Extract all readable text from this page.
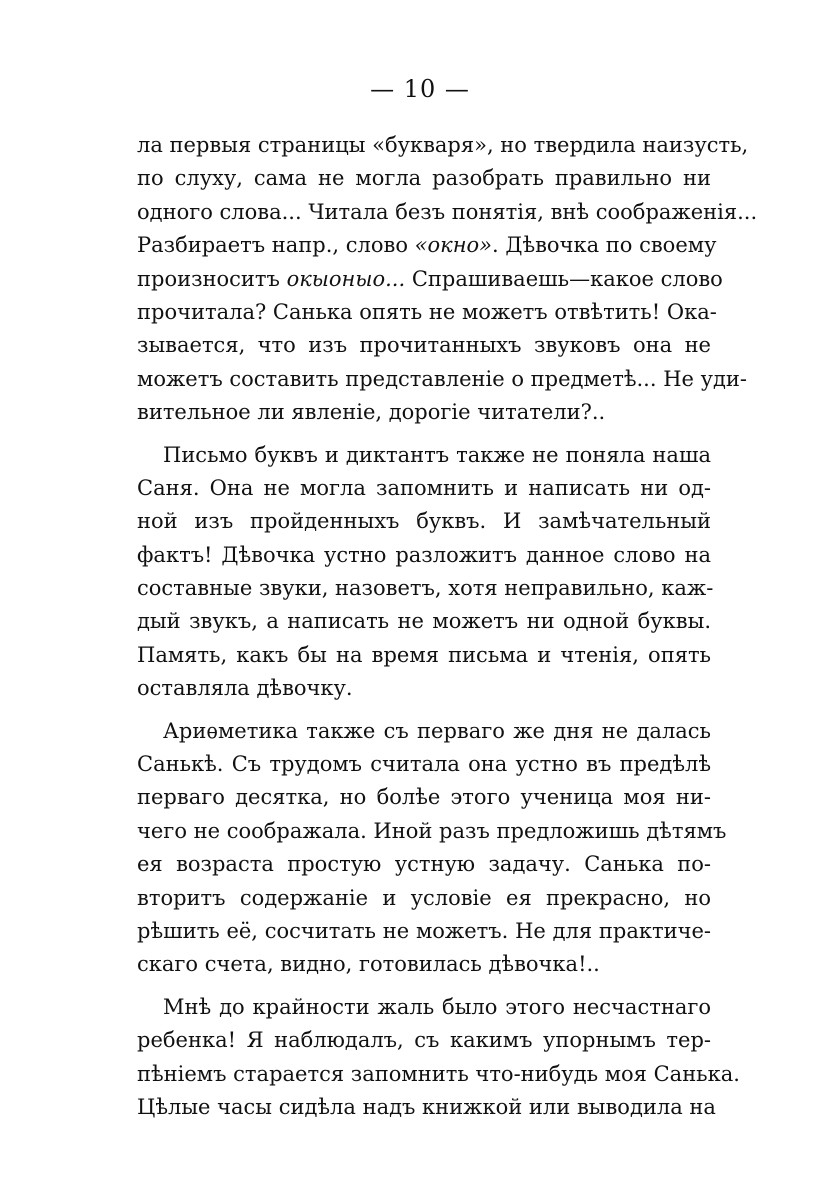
— 10 —
ла первыя страницы «букваря», но твердила наизусть,
по слуху, сама не могла разобрать правильно ни
одного слова... Читала безъ понятія, внѣ соображенія...
Разбираетъ напр., слово «окно». Дѣвочка по своему
произноситъ окыоныо... Спрашиваешь—какое слово
прочитала? Санька опять не можетъ отвѣтить! Ока-
зывается, что изъ прочитанныхъ звуковъ она не
можетъ составить представленіе о предметѣ... Не уди-
вительное ли явленіе, дорогіе читатели?..
Письмо буквъ и диктантъ также не поняла наша
Саня. Она не могла запомнить и написать ни од-
ной изъ пройденныхъ буквъ. И замѣчательный
фактъ! Дѣвочка устно разложитъ данное слово на
составные звуки, назоветъ, хотя неправильно, каж-
дый звукъ, а написать не можетъ ни одной буквы.
Память, какъ бы на время письма и чтенія, опять
оставляла дѣвочку.
Ариѳметика также съ перваго же дня не далась
Санькѣ. Съ трудомъ считала она устно въ предѣлѣ
перваго десятка, но болѣе этого ученица моя ни-
чего не соображала. Иной разъ предложишь дѣтямъ
ея возраста простую устную задачу. Санька по-
вторитъ содержаніе и условіе ея прекрасно, но
рѣшить её, сосчитать не можетъ. Не для практиче-
скаго счета, видно, готовилась дѣвочка!..
Мнѣ до крайности жаль было этого несчастнаго
ребенка! Я наблюдалъ, съ какимъ упорнымъ тер-
пѣніемъ старается запомнить что-нибудь моя Санька.
Цѣлые часы сидѣла надъ книжкой или выводила на
